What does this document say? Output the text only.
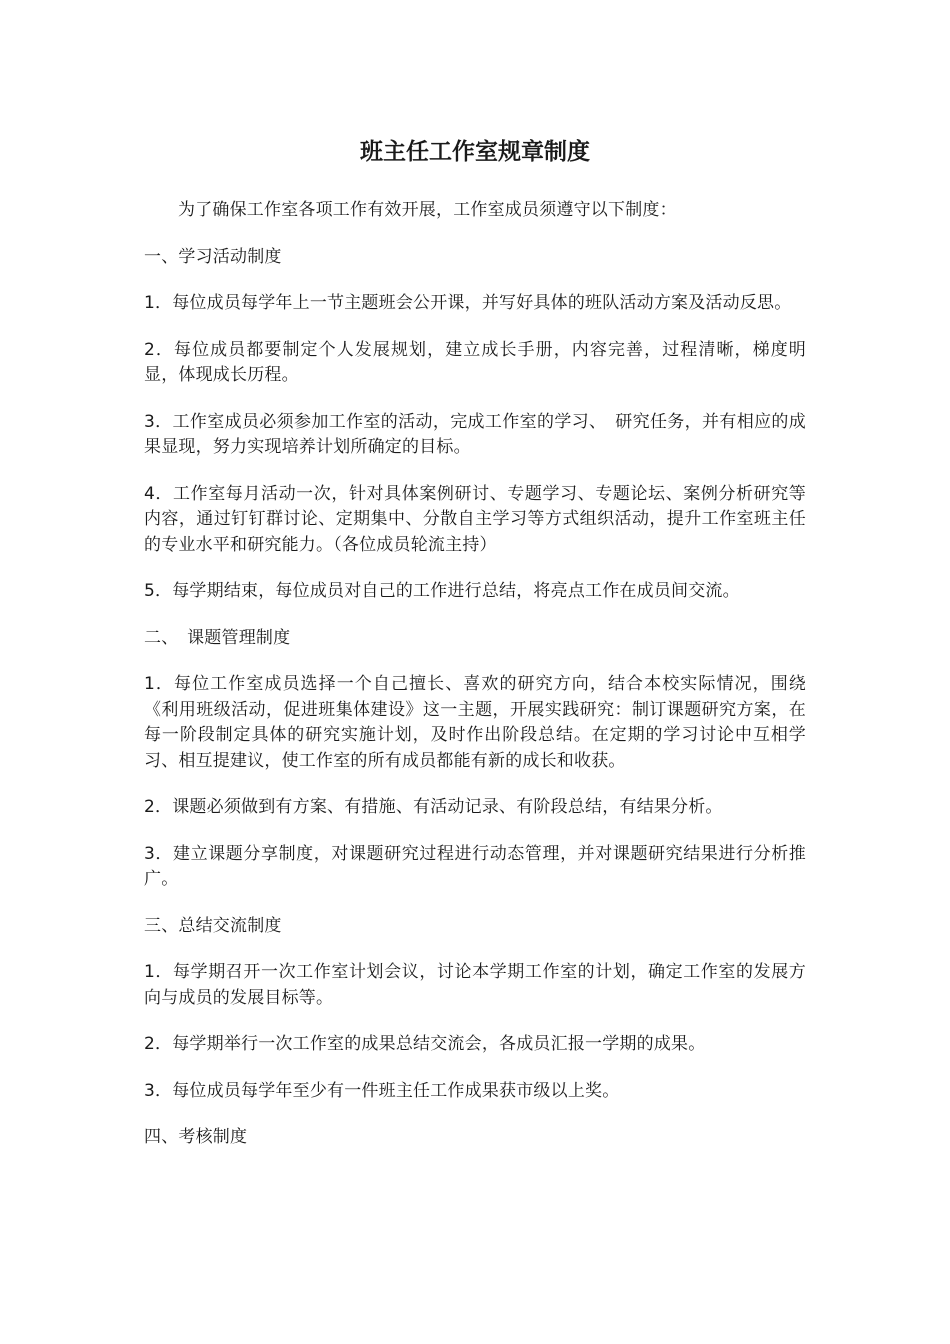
班主任工作室规章制度

为了确保工作室各项工作有效开展，工作室成员须遵守以下制度：

一、学习活动制度

1．每位成员每学年上一节主题班会公开课，并写好具体的班队活动方案及活动反思。

2．每位成员都要制定个人发展规划，建立成长手册，内容完善，过程清晰，梯度明显，体现成长历程。

3．工作室成员必须参加工作室的活动，完成工作室的学习、　研究任务，并有相应的成果显现，努力实现培养计划所确定的目标。

4．工作室每月活动一次，针对具体案例研讨、专题学习、专题论坛、案例分析研究等内容，通过钉钉群讨论、定期集中、分散自主学习等方式组织活动，提升工作室班主任的专业水平和研究能力。（各位成员轮流主持）

5．每学期结束，每位成员对自己的工作进行总结，将亮点工作在成员间交流。

二、　课题管理制度

1．每位工作室成员选择一个自己擅长、喜欢的研究方向，结合本校实际情况，围绕《利用班级活动，促进班集体建设》这一主题，开展实践研究：制订课题研究方案，在每一阶段制定具体的研究实施计划，及时作出阶段总结。在定期的学习讨论中互相学习、相互提建议，使工作室的所有成员都能有新的成长和收获。

2．课题必须做到有方案、有措施、有活动记录、有阶段总结，有结果分析。

3．建立课题分享制度，对课题研究过程进行动态管理，并对课题研究结果进行分析推广。

三、总结交流制度

1．每学期召开一次工作室计划会议，讨论本学期工作室的计划，确定工作室的发展方向与成员的发展目标等。

2．每学期举行一次工作室的成果总结交流会，各成员汇报一学期的成果。

3．每位成员每学年至少有一件班主任工作成果获市级以上奖。

四、考核制度
